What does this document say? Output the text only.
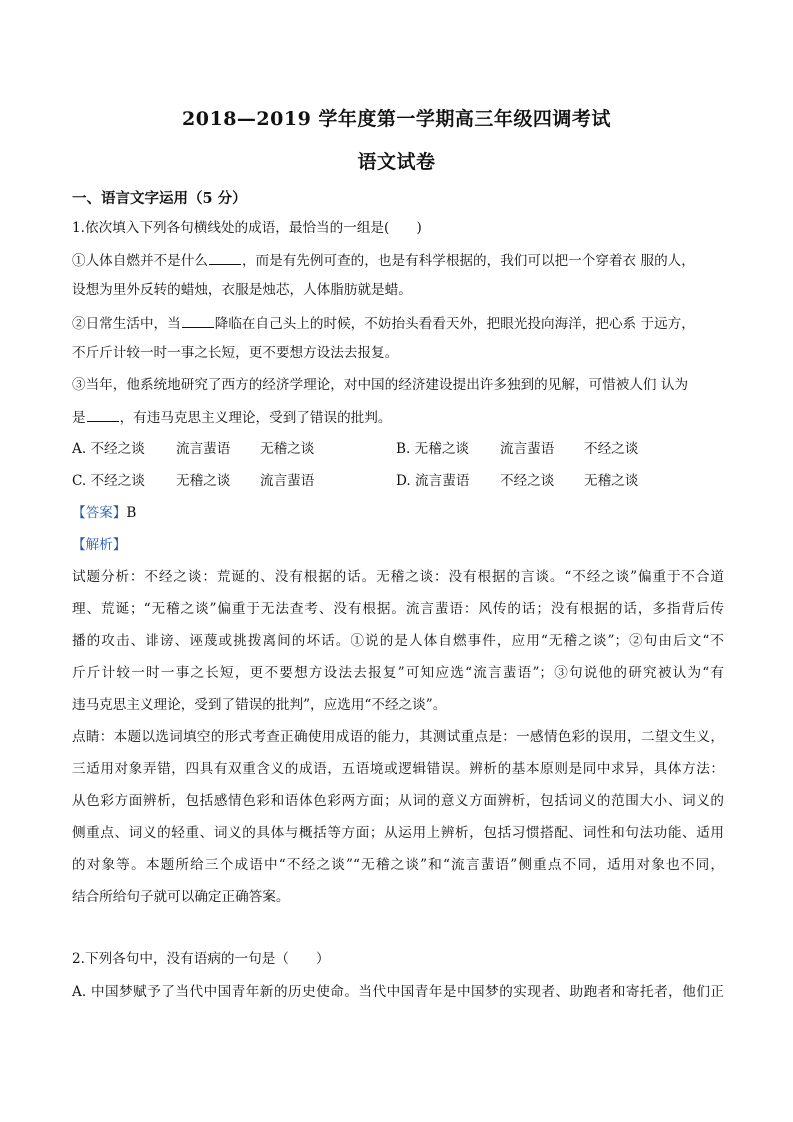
2018—2019 学年度第一学期高三年级四调考试
语文试卷
一、语言文字运用（5 分）
1.依次填入下列各句横线处的成语，最恰当的一组是(　　)
①人体自燃并不是什么	，而是有先例可查的，也是有科学根据的，我们可以把一个穿着衣 服的人，
设想为里外反转的蜡烛，衣服是烛芯，人体脂肪就是蜡。
②日常生活中，当	降临在自己头上的时候，不妨抬头看看天外，把眼光投向海洋，把心系 于远方，
不斤斤计较一时一事之长短，更不要想方设法去报复。
③当年，他系统地研究了西方的经济学理论，对中国的经济建设提出许多独到的见解，可惜被人们 认为
是	，有违马克思主义理论，受到了错误的批判。
A. 不经之谈 流言蜚语 无稽之谈	B. 无稽之谈 流言蜚语 不经之谈
C. 不经之谈 无稽之谈 流言蜚语	D. 流言蜚语 不经之谈 无稽之谈
【答案】B
【解析】
试题分析：不经之谈：荒诞的、没有根据的话。无稽之谈：没有根据的言谈。“不经之谈”偏重于不合道
理、荒诞；“无稽之谈”偏重于无法查考、没有根据。流言蜚语：风传的话；没有根据的话，多指背后传
播的攻击、诽谤、诬蔑或挑拨离间的坏话。①说的是人体自燃事件，应用“无稽之谈”；②句由后文“不
斤斤计较一时一事之长短，更不要想方设法去报复”可知应选“流言蜚语”；③句说他的研究被认为“有
违马克思主义理论，受到了错误的批判”，应选用“不经之谈”。
点睛：本题以选词填空的形式考查正确使用成语的能力，其测试重点是：一感情色彩的误用，二望文生义，
三适用对象弄错，四具有双重含义的成语，五语境或逻辑错误。辨析的基本原则是同中求异，具体方法：
从色彩方面辨析，包括感情色彩和语体色彩两方面；从词的意义方面辨析，包括词义的范围大小、词义的
侧重点、词义的轻重、词义的具体与概括等方面；从运用上辨析，包括习惯搭配、词性和句法功能、适用
的对象等。本题所给三个成语中“不经之谈”“无稽之谈”和“流言蜚语”侧重点不同，适用对象也不同，
结合所给句子就可以确定正确答案。
2.下列各句中，没有语病的一句是（　　）
A. 中国梦赋予了当代中国青年新的历史使命。当代中国青年是中国梦的实现者、助跑者和寄托者，他们正
